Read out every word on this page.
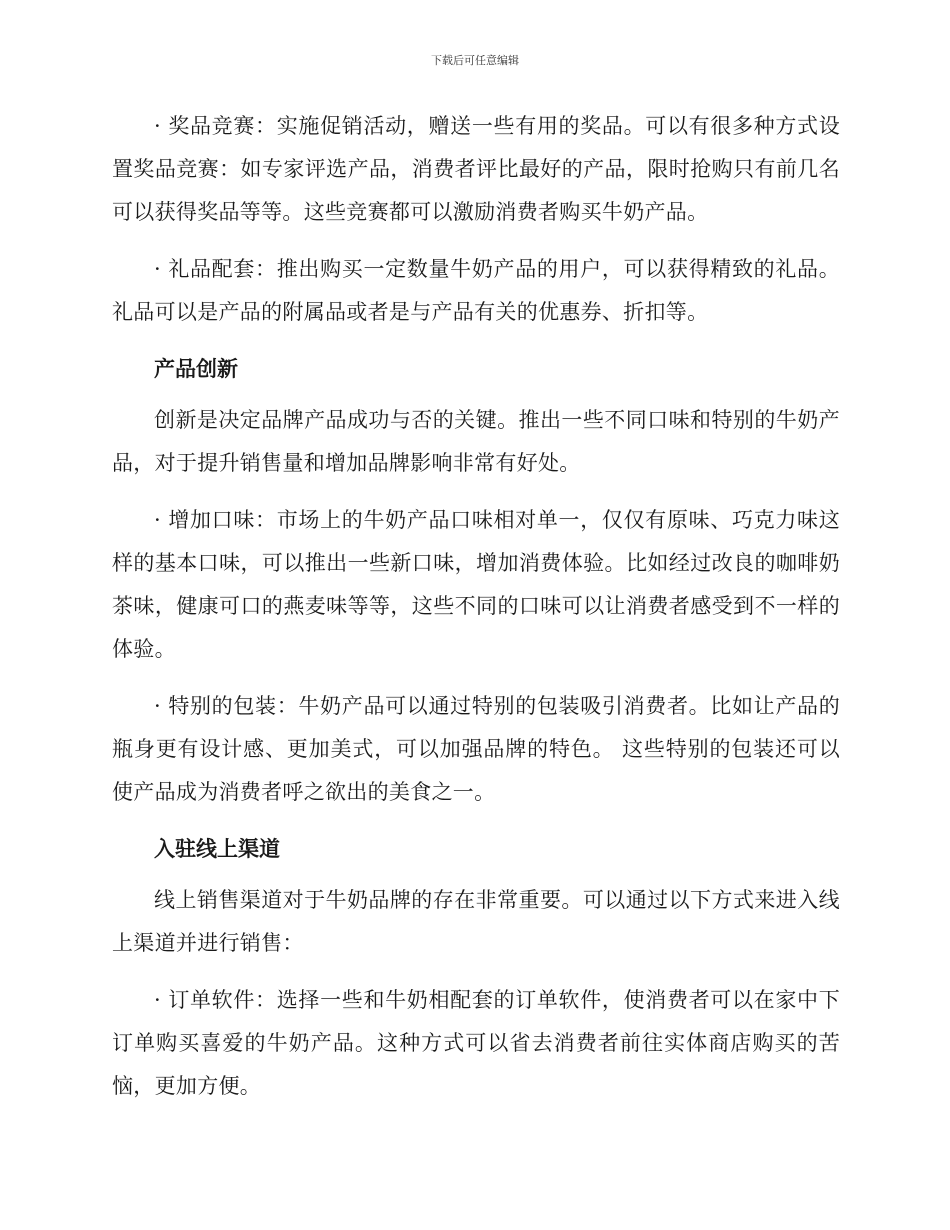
下载后可任意编辑

· 奖品竞赛：实施促销活动，赠送一些有用的奖品。可以有很多种方式设置奖品竞赛：如专家评选产品，消费者评比最好的产品，限时抢购只有前几名可以获得奖品等等。这些竞赛都可以激励消费者购买牛奶产品。

· 礼品配套：推出购买一定数量牛奶产品的用户，可以获得精致的礼品。礼品可以是产品的附属品或者是与产品有关的优惠券、折扣等。

产品创新

创新是决定品牌产品成功与否的关键。推出一些不同口味和特别的牛奶产品，对于提升销售量和增加品牌影响非常有好处。

· 增加口味：市场上的牛奶产品口味相对单一，仅仅有原味、巧克力味这样的基本口味，可以推出一些新口味，增加消费体验。比如经过改良的咖啡奶茶味，健康可口的燕麦味等等，这些不同的口味可以让消费者感受到不一样的体验。

· 特别的包装：牛奶产品可以通过特别的包装吸引消费者。比如让产品的瓶身更有设计感、更加美式，可以加强品牌的特色。 这些特别的包装还可以使产品成为消费者呼之欲出的美食之一。

入驻线上渠道

线上销售渠道对于牛奶品牌的存在非常重要。可以通过以下方式来进入线上渠道并进行销售：

· 订单软件：选择一些和牛奶相配套的订单软件，使消费者可以在家中下订单购买喜爱的牛奶产品。这种方式可以省去消费者前往实体商店购买的苦恼，更加方便。
